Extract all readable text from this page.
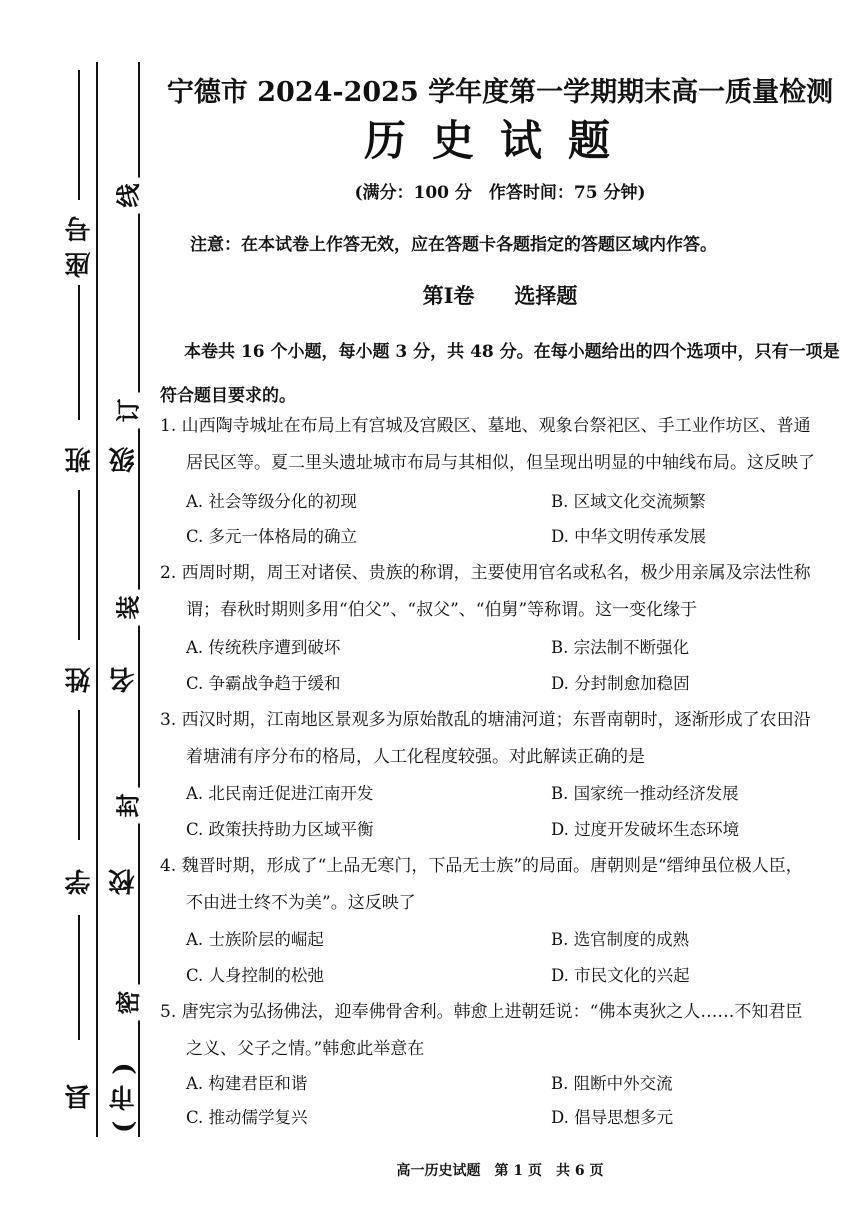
县(市)
学校
姓名
班级
座号
线
订
装
封
密
宁德市 2024-2025 学年度第一学期期末高一质量检测
历史试题
(满分：100 分　作答时间：75 分钟)
注意：在本试卷上作答无效，应在答题卡各题指定的答题区域内作答。
第Ⅰ卷 选择题
本卷共 16 个小题，每小题 3 分，共 48 分。在每小题给出的四个选项中，只有一项是
符合题目要求的。
1. 山西陶寺城址在布局上有宫城及宫殿区、墓地、观象台祭祀区、手工业作坊区、普通
居民区等。夏二里头遗址城市布局与其相似，但呈现出明显的中轴线布局。这反映了
A. 社会等级分化的初现	B. 区域文化交流频繁
C. 多元一体格局的确立	D. 中华文明传承发展
2. 西周时期，周王对诸侯、贵族的称谓，主要使用官名或私名，极少用亲属及宗法性称
谓；春秋时期则多用“伯父”、“叔父”、“伯舅”等称谓。这一变化缘于
A. 传统秩序遭到破坏	B. 宗法制不断强化
C. 争霸战争趋于缓和	D. 分封制愈加稳固
3. 西汉时期，江南地区景观多为原始散乱的塘浦河道；东晋南朝时，逐渐形成了农田沿
着塘浦有序分布的格局，人工化程度较强。对此解读正确的是
A. 北民南迁促进江南开发	B. 国家统一推动经济发展
C. 政策扶持助力区域平衡	D. 过度开发破坏生态环境
4. 魏晋时期，形成了“上品无寒门，下品无士族”的局面。唐朝则是“缙绅虽位极人臣，
不由进士终不为美”。这反映了
A. 士族阶层的崛起	B. 选官制度的成熟
C. 人身控制的松弛	D. 市民文化的兴起
5. 唐宪宗为弘扬佛法，迎奉佛骨舍利。韩愈上进朝廷说：“佛本夷狄之人……不知君臣
之义、父子之情。”韩愈此举意在
A. 构建君臣和谐	B. 阻断中外交流
C. 推动儒学复兴	D. 倡导思想多元
高一历史试题　第 1 页　共 6 页
